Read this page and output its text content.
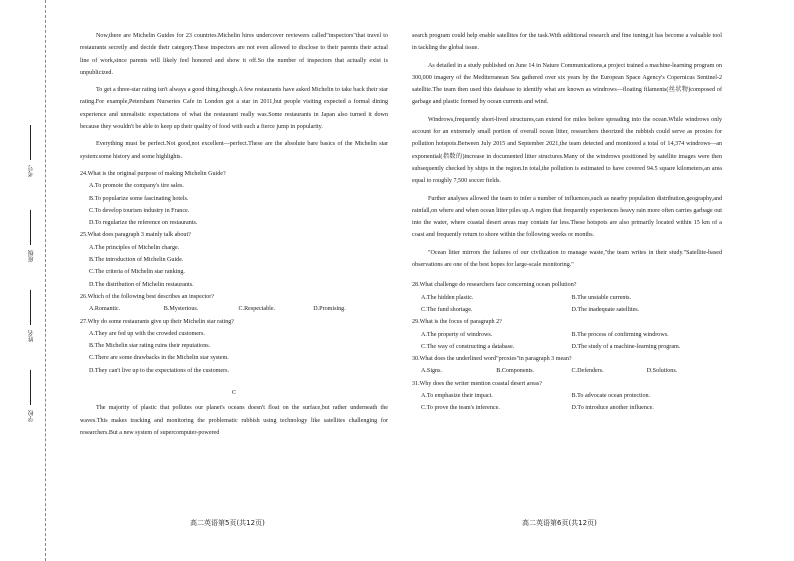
考号
班级
姓名
学校

Now,there are Michelin Guides for 23 countries.Michelin hires undercover reviewers called"inspectors"that travel to restaurants secretly and decide their category.These inspectors are not even allowed to disclose to their parents their actual line of work,since parents will likely feel honored and show it off.So the number of inspectors that actually exist is unpublicized.

To get a three-star rating isn't always a good thing,though.A few restaurants have asked Michelin to take back their star rating.For example,Petersham Nurseries Cafe in London got a star in 2011,but people visiting expected a formal dining experience and unrealistic expectations of what the restaurant really was.Some restaurants in Japan also turned it down because they wouldn't be able to keep up their quality of food with such a fierce jump in popularity.

Everything must be perfect.Not good,not excellent—perfect.These are the absolute bare basics of the Michelin star system:some history and some highlights.

24.What is the original purpose of making Michelin Guide?

A.To promote the company's tire sales.

B.To popularize some fascinating hotels.

C.To develop tourism industry in France.

D.To regularize the reference on restaurants.

25.What does paragraph 3 mainly talk about?

A.The principles of Michelin charge.

B.The introduction of Michelin Guide.

C.The criteria of Michelin star ranking.

D.The distribution of Michelin restaurants.

26.Which of the following best describes an inspector?

A.Romantic.	B.Mysterious.	C.Respectable.	D.Promising.

27.Why do some restaurants give up their Michelin star rating?

A.They are fed up with the crowded customers.

B.The Michelin star rating ruins their reputations.

C.There are some drawbacks in the Michelin star system.

D.They can't live up to the expectations of the customers.

C

The majority of plastic that pollutes our planet's oceans doesn't float on the surface,but rather underneath the waves.This makes tracking and monitoring the problematic rubbish using technology like satellites challenging for researchers.But a new system of supercomputer-powered

高二英语第5页(共12页)

search program could help enable satellites for the task.With additional research and fine tuning,it has become a valuable tool in tackling the global issue.

As detailed in a study published on June 14 in Nature Communications,a project trained a machine-learning program on 300,000 imagery of the Mediterranean Sea gathered over six years by the European Space Agency's Copernicus Sentinel-2 satellite.The team then used this database to identify what are known as windrows—floating filaments(丝状物)composed of garbage and plastic formed by ocean currents and wind.

Windrows,frequently short-lived structures,can extend for miles before spreading into the ocean.While windrows only account for an extremely small portion of overall ocean litter, researchers theorized the rubbish could serve as proxies for pollution hotspots.Between July 2015 and September 2021,the team detected and monitored a total of 14,374 windrows—an exponential(指数的)increase in documented litter structures.Many of the windrows positioned by satellite images were then subsequently checked by ships in the region.In total,the pollution is estimated to have covered 94.5 square kilometers,an area equal to roughly 7,500 soccer fields.

Further analyses allowed the team to infer a number of influences,such as nearby population distribution,geography,and rainfall,on where and when ocean litter piles up.A region that frequently experiences heavy rain more often carries garbage out into the water, where coastal desert areas may contain far less.These hotspots are also primarily located within 15 km of a coast and frequently return to shore within the following weeks or months.

"Ocean litter mirrors the failures of our civilization to manage waste,"the team writes in their study."Satellite-based observations are one of the best hopes for large-scale monitoring."

28.What challenge do researchers face concerning ocean pollution?

A.The hidden plastic.	B.The unstable currents.
C.The fund shortage.	D.The inadequate satellites.

29.What is the focus of paragraph 2?

A.The property of windrows.	B.The process of confirming windrows.
C.The way of constructing a database.	D.The study of a machine-learning program.

30.What does the underlined word"proxies"in paragraph 3 mean?

A.Signs.	B.Components.	C.Defenders.	D.Solutions.

31.Why does the writer mention coastal desert areas?

A.To emphasize their impact.	B.To advocate ocean protection.
C.To prove the team's inference.	D.To introduce another influence.
高二英语第6页(共12页)
